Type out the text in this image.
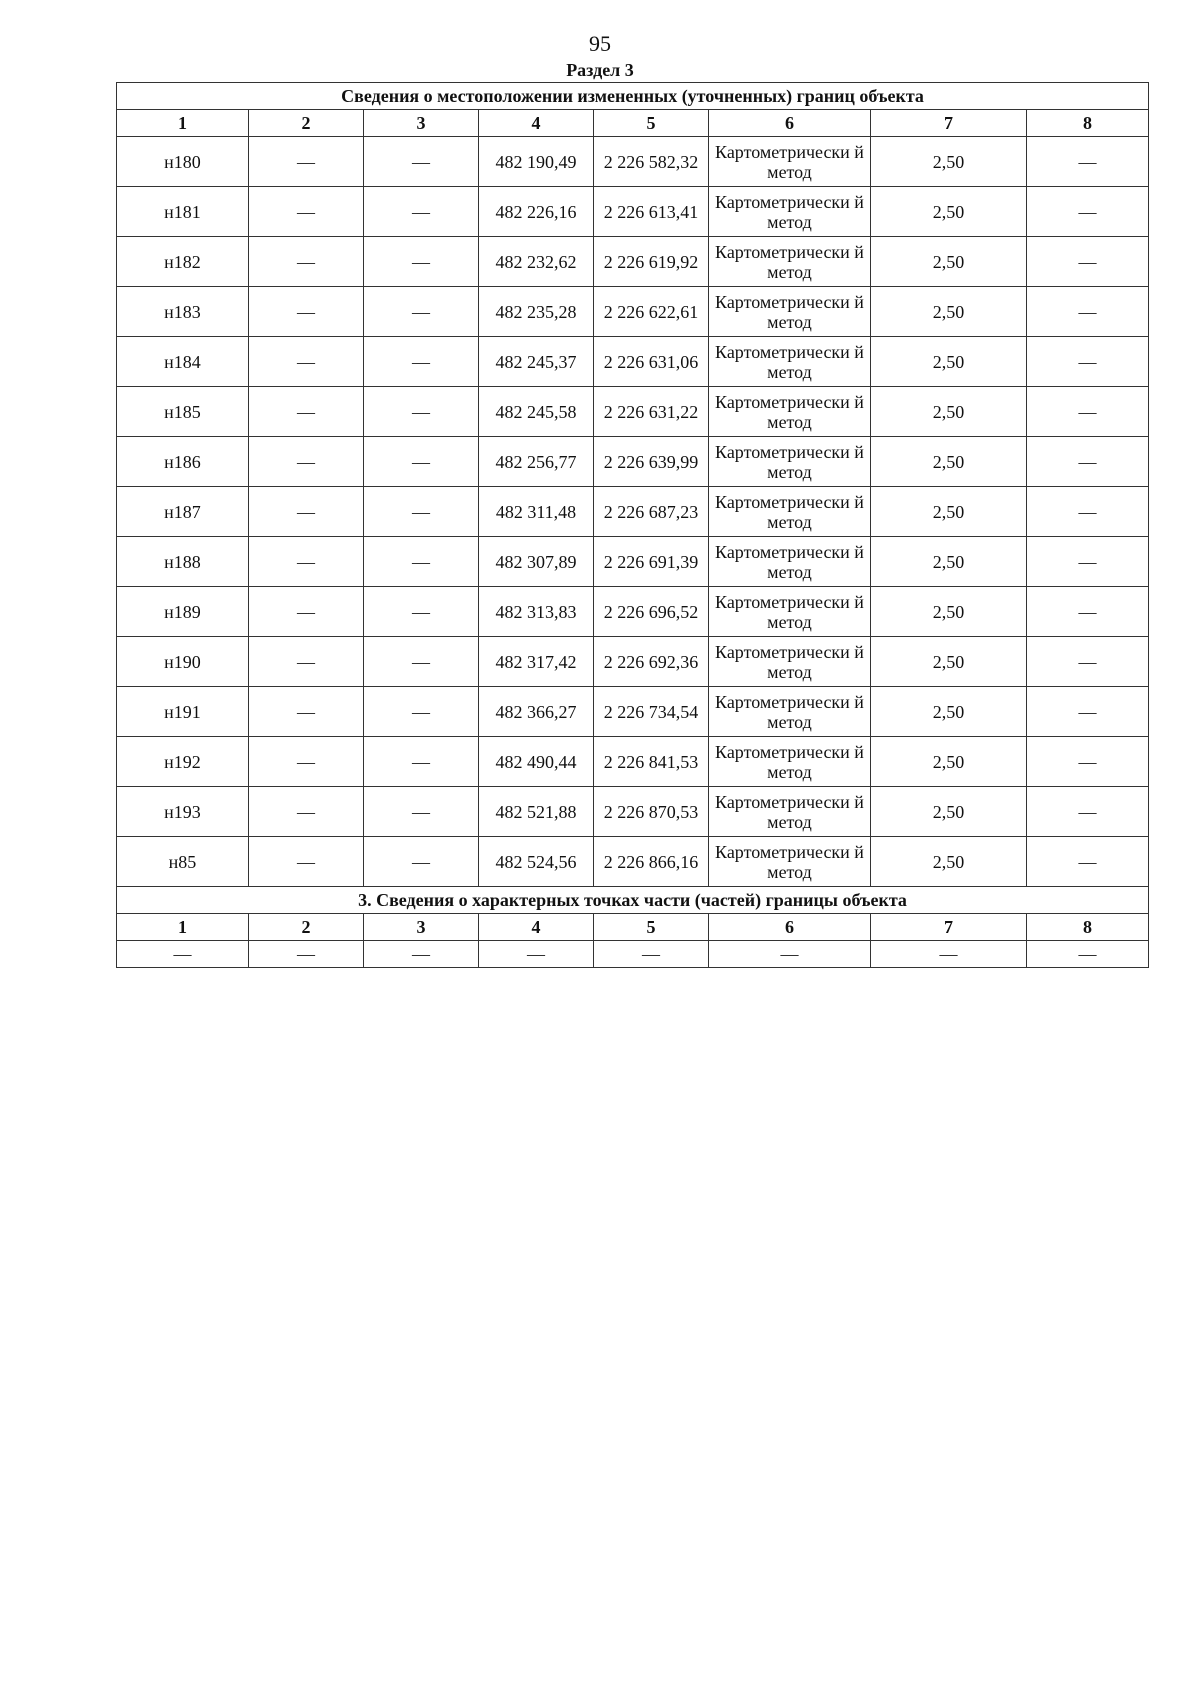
95
Раздел 3
Сведения о местоположении измененных (уточненных) границ объекта							
1	2	3	4	5	6	7	8
н180	—	—	482 190,49	2 226 582,32	Картометрически й метод	2,50	—
н181	—	—	482 226,16	2 226 613,41	Картометрически й метод	2,50	—
н182	—	—	482 232,62	2 226 619,92	Картометрически й метод	2,50	—
н183	—	—	482 235,28	2 226 622,61	Картометрически й метод	2,50	—
н184	—	—	482 245,37	2 226 631,06	Картометрически й метод	2,50	—
н185	—	—	482 245,58	2 226 631,22	Картометрически й метод	2,50	—
н186	—	—	482 256,77	2 226 639,99	Картометрически й метод	2,50	—
н187	—	—	482 311,48	2 226 687,23	Картометрически й метод	2,50	—
н188	—	—	482 307,89	2 226 691,39	Картометрически й метод	2,50	—
н189	—	—	482 313,83	2 226 696,52	Картометрически й метод	2,50	—
н190	—	—	482 317,42	2 226 692,36	Картометрически й метод	2,50	—
н191	—	—	482 366,27	2 226 734,54	Картометрически й метод	2,50	—
н192	—	—	482 490,44	2 226 841,53	Картометрически й метод	2,50	—
н193	—	—	482 521,88	2 226 870,53	Картометрически й метод	2,50	—
н85	—	—	482 524,56	2 226 866,16	Картометрически й метод	2,50	—
3. Сведения о характерных точках части (частей) границы объекта							
1	2	3	4	5	6	7	8
—	—	—	—	—	—	—	—
